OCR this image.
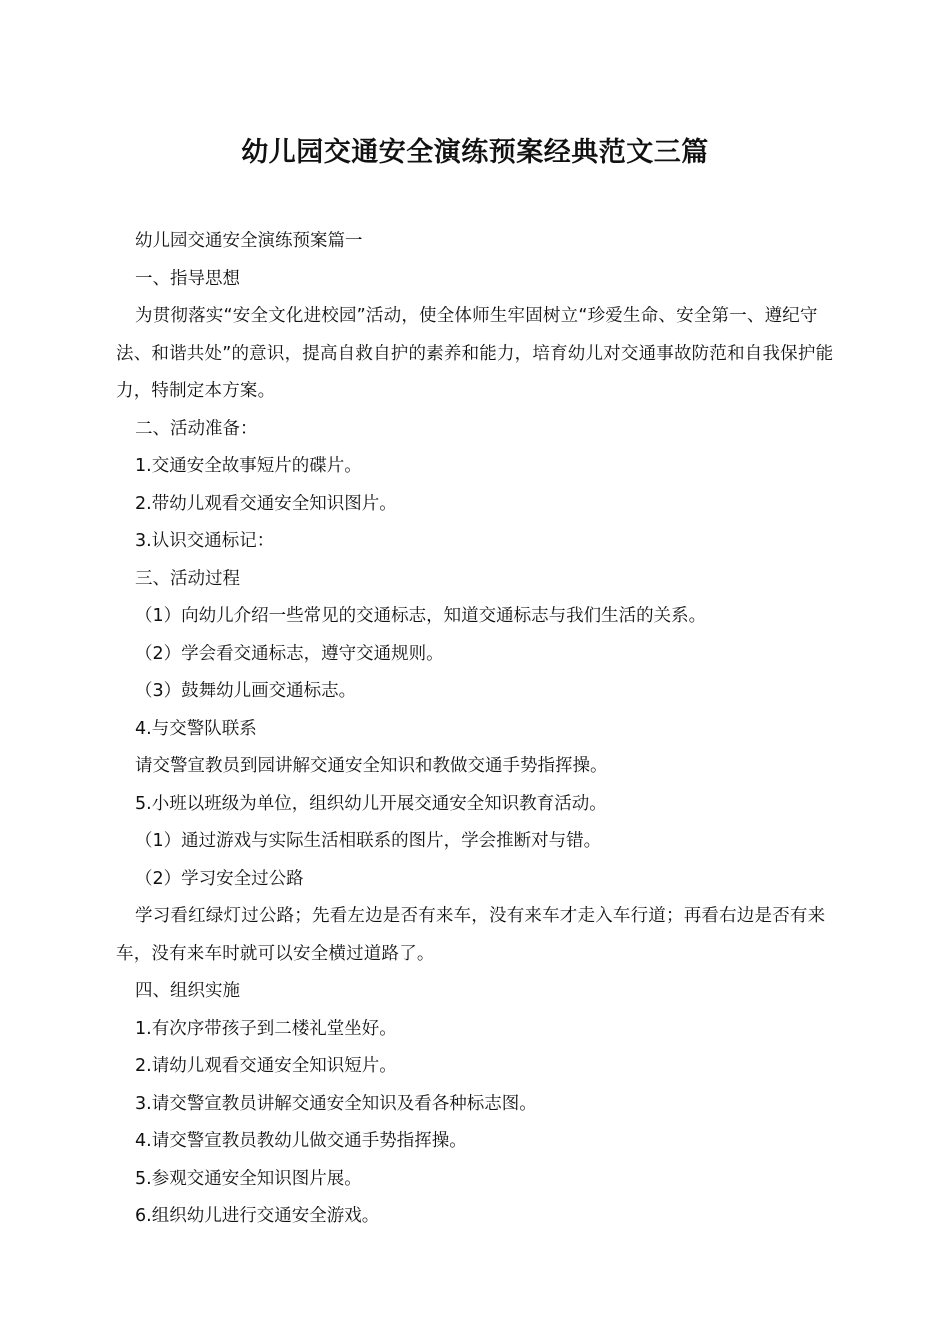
幼儿园交通安全演练预案经典范文三篇

幼儿园交通安全演练预案篇一

一、指导思想

为贯彻落实“安全文化进校园”活动，使全体师生牢固树立“珍爱生命、安全第一、遵纪守法、和谐共处”的意识，提高自救自护的素养和能力，培育幼儿对交通事故防范和自我保护能力，特制定本方案。

二、活动准备：

1.交通安全故事短片的碟片。

2.带幼儿观看交通安全知识图片。

3.认识交通标记：

三、活动过程

（1）向幼儿介绍一些常见的交通标志，知道交通标志与我们生活的关系。

（2）学会看交通标志，遵守交通规则。

（3）鼓舞幼儿画交通标志。

4.与交警队联系

请交警宣教员到园讲解交通安全知识和教做交通手势指挥操。

5.小班以班级为单位，组织幼儿开展交通安全知识教育活动。

（1）通过游戏与实际生活相联系的图片，学会推断对与错。

（2）学习安全过公路

学习看红绿灯过公路；先看左边是否有来车，没有来车才走入车行道；再看右边是否有来车，没有来车时就可以安全横过道路了。

四、组织实施

1.有次序带孩子到二楼礼堂坐好。

2.请幼儿观看交通安全知识短片。

3.请交警宣教员讲解交通安全知识及看各种标志图。

4.请交警宣教员教幼儿做交通手势指挥操。

5.参观交通安全知识图片展。

6.组织幼儿进行交通安全游戏。
